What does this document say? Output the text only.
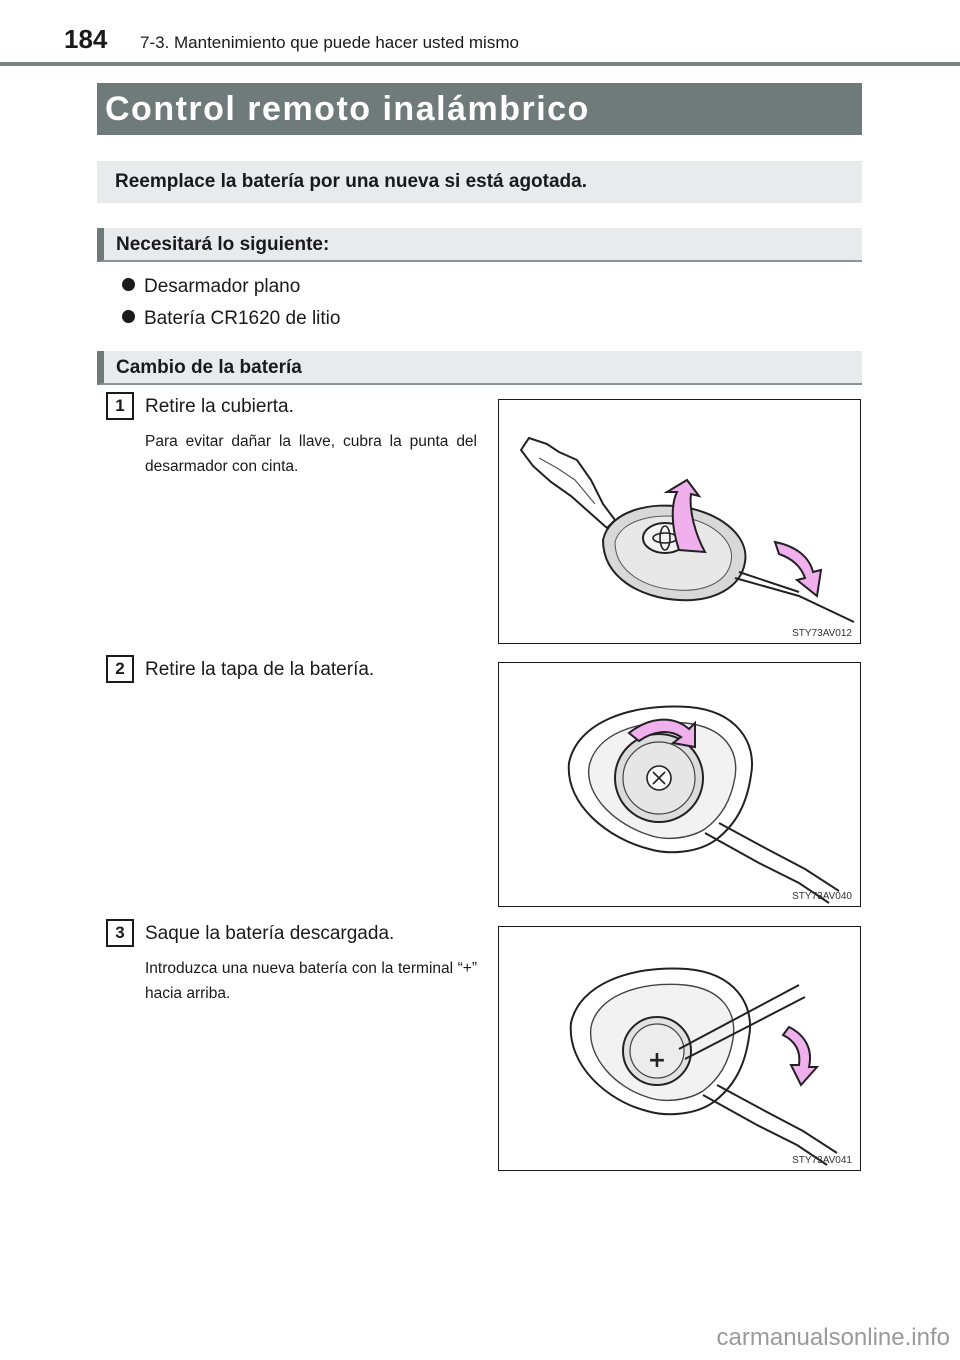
184 7-3. Mantenimiento que puede hacer usted mismo
Control remoto inalámbrico
Reemplace la batería por una nueva si está agotada.
Necesitará lo siguiente:
Desarmador plano
Batería CR1620 de litio
Cambio de la batería
1	Retire la cubierta.
Para evitar dañar la llave, cubra la punta del desarmador con cinta.
STY73AV012
2	Retire la tapa de la batería.
STY73AV040
3	Saque la batería descargada.
Introduzca una nueva batería con la terminal “+” hacia arriba.
+
STY73AV041
carmanualsonline.info
